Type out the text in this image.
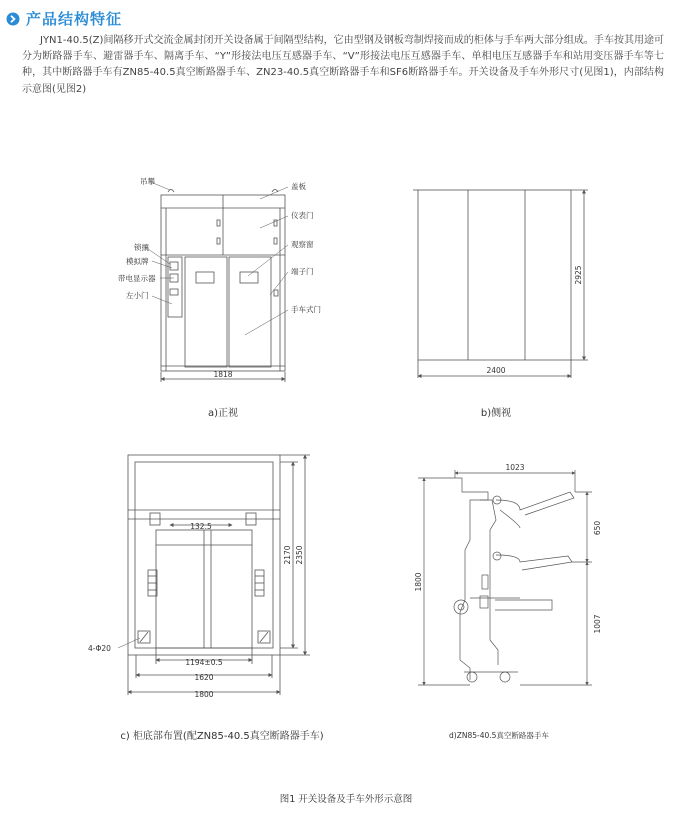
产品结构特征
JYN1-40.5(Z)间隔移开式交流金属封闭开关设备属于间隔型结构，它由型钢及钢板弯制焊接而成的柜体与手车两大部分组成。手车按其用途可分为断路器手车、避雷器手车、隔离手车、“Y”形接法电压互感器手车、“V”形接法电压互感器手车、单相电压互感器手车和站用变压器手车等七种，其中断路器手车有ZN85-40.5真空断路器手车、ZN23-40.5真空断路器手车和SF6断路器手车。开关设备及手车外形尺寸(见图1)，内部结构示意图(见图2)
吊攀
盖板
仪表门
观察窗
端子门
锁攘
模拟牌
带电显示器
左小门
手车式门
1818
a)正视
2400
2925
b)侧视
132.5
1194±0.5
1620
1800
4-Φ20
2170 2350
c) 柜底部布置(配ZN85-40.5真空断路器手车)
1023
1800
650
1007
d)ZN85-40.5真空断路器手车
图1 开关设备及手车外形示意图
